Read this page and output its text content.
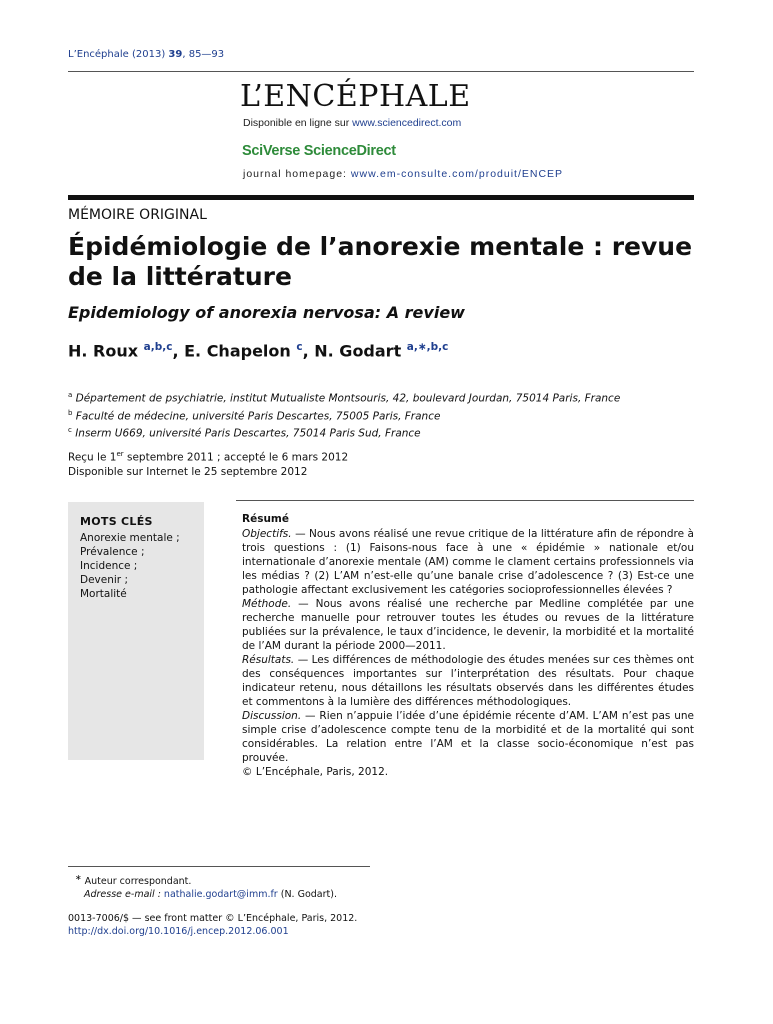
L’Encéphale (2013) 39, 85—93
L’ENCÉPHALE
Disponible en ligne sur www.sciencedirect.com
SciVerse ScienceDirect
journal homepage: www.em-consulte.com/produit/ENCEP
MÉMOIRE ORIGINAL
Épidémiologie de l’anorexie mentale : revue de la littérature
Epidemiology of anorexia nervosa: A review
H. Roux $^{a,b,c}$, E. Chapelon $^c$, N. Godart $^{a,∗,b,c}$
$^a$ Département de psychiatrie, institut Mutualiste Montsouris, 42, boulevard Jourdan, 75014 Paris, France
$^b$ Faculté de médecine, université Paris Descartes, 75005 Paris, France
$^c$ Inserm U669, université Paris Descartes, 75014 Paris Sud, France
Reçu le 1er septembre 2011 ; accepté le 6 mars 2012
Disponible sur Internet le 25 septembre 2012
MOTS CLÉS
Anorexie mentale ;
Prévalence ;
Incidence ;
Devenir ;
Mortalité
Résumé

Objectifs. — Nous avons réalisé une revue critique de la littérature afin de répondre à trois questions : (1) Faisons-nous face à une « épidémie » nationale et/ou internationale d’anorexie mentale (AM) comme le clament certains professionnels via les médias ? (2) L’AM n’est-elle qu’une banale crise d’adolescence ? (3) Est-ce une pathologie affectant exclusivement les catégories socioprofessionnelles élevées ?

Méthode. — Nous avons réalisé une recherche par Medline complétée par une recherche manuelle pour retrouver toutes les études ou revues de la littérature publiées sur la prévalence, le taux d’incidence, le devenir, la morbidité et la mortalité de l’AM durant la période 2000—2011.

Résultats. — Les différences de méthodologie des études menées sur ces thèmes ont des conséquences importantes sur l’interprétation des résultats. Pour chaque indicateur retenu, nous détaillons les résultats observés dans les différentes études et commentons à la lumière des différences méthodologiques.

Discussion. — Rien n’appuie l’idée d’une épidémie récente d’AM. L’AM n’est pas une simple crise d’adolescence compte tenu de la morbidité et de la mortalité qui sont considérables. La relation entre l’AM et la classe socio-économique n’est pas prouvée.

© L’Encéphale, Paris, 2012.

∗ Auteur correspondant.
Adresse e-mail : nathalie.godart@imm.fr (N. Godart).
0013-7006/$ — see front matter © L’Encéphale, Paris, 2012.
http://dx.doi.org/10.1016/j.encep.2012.06.001
